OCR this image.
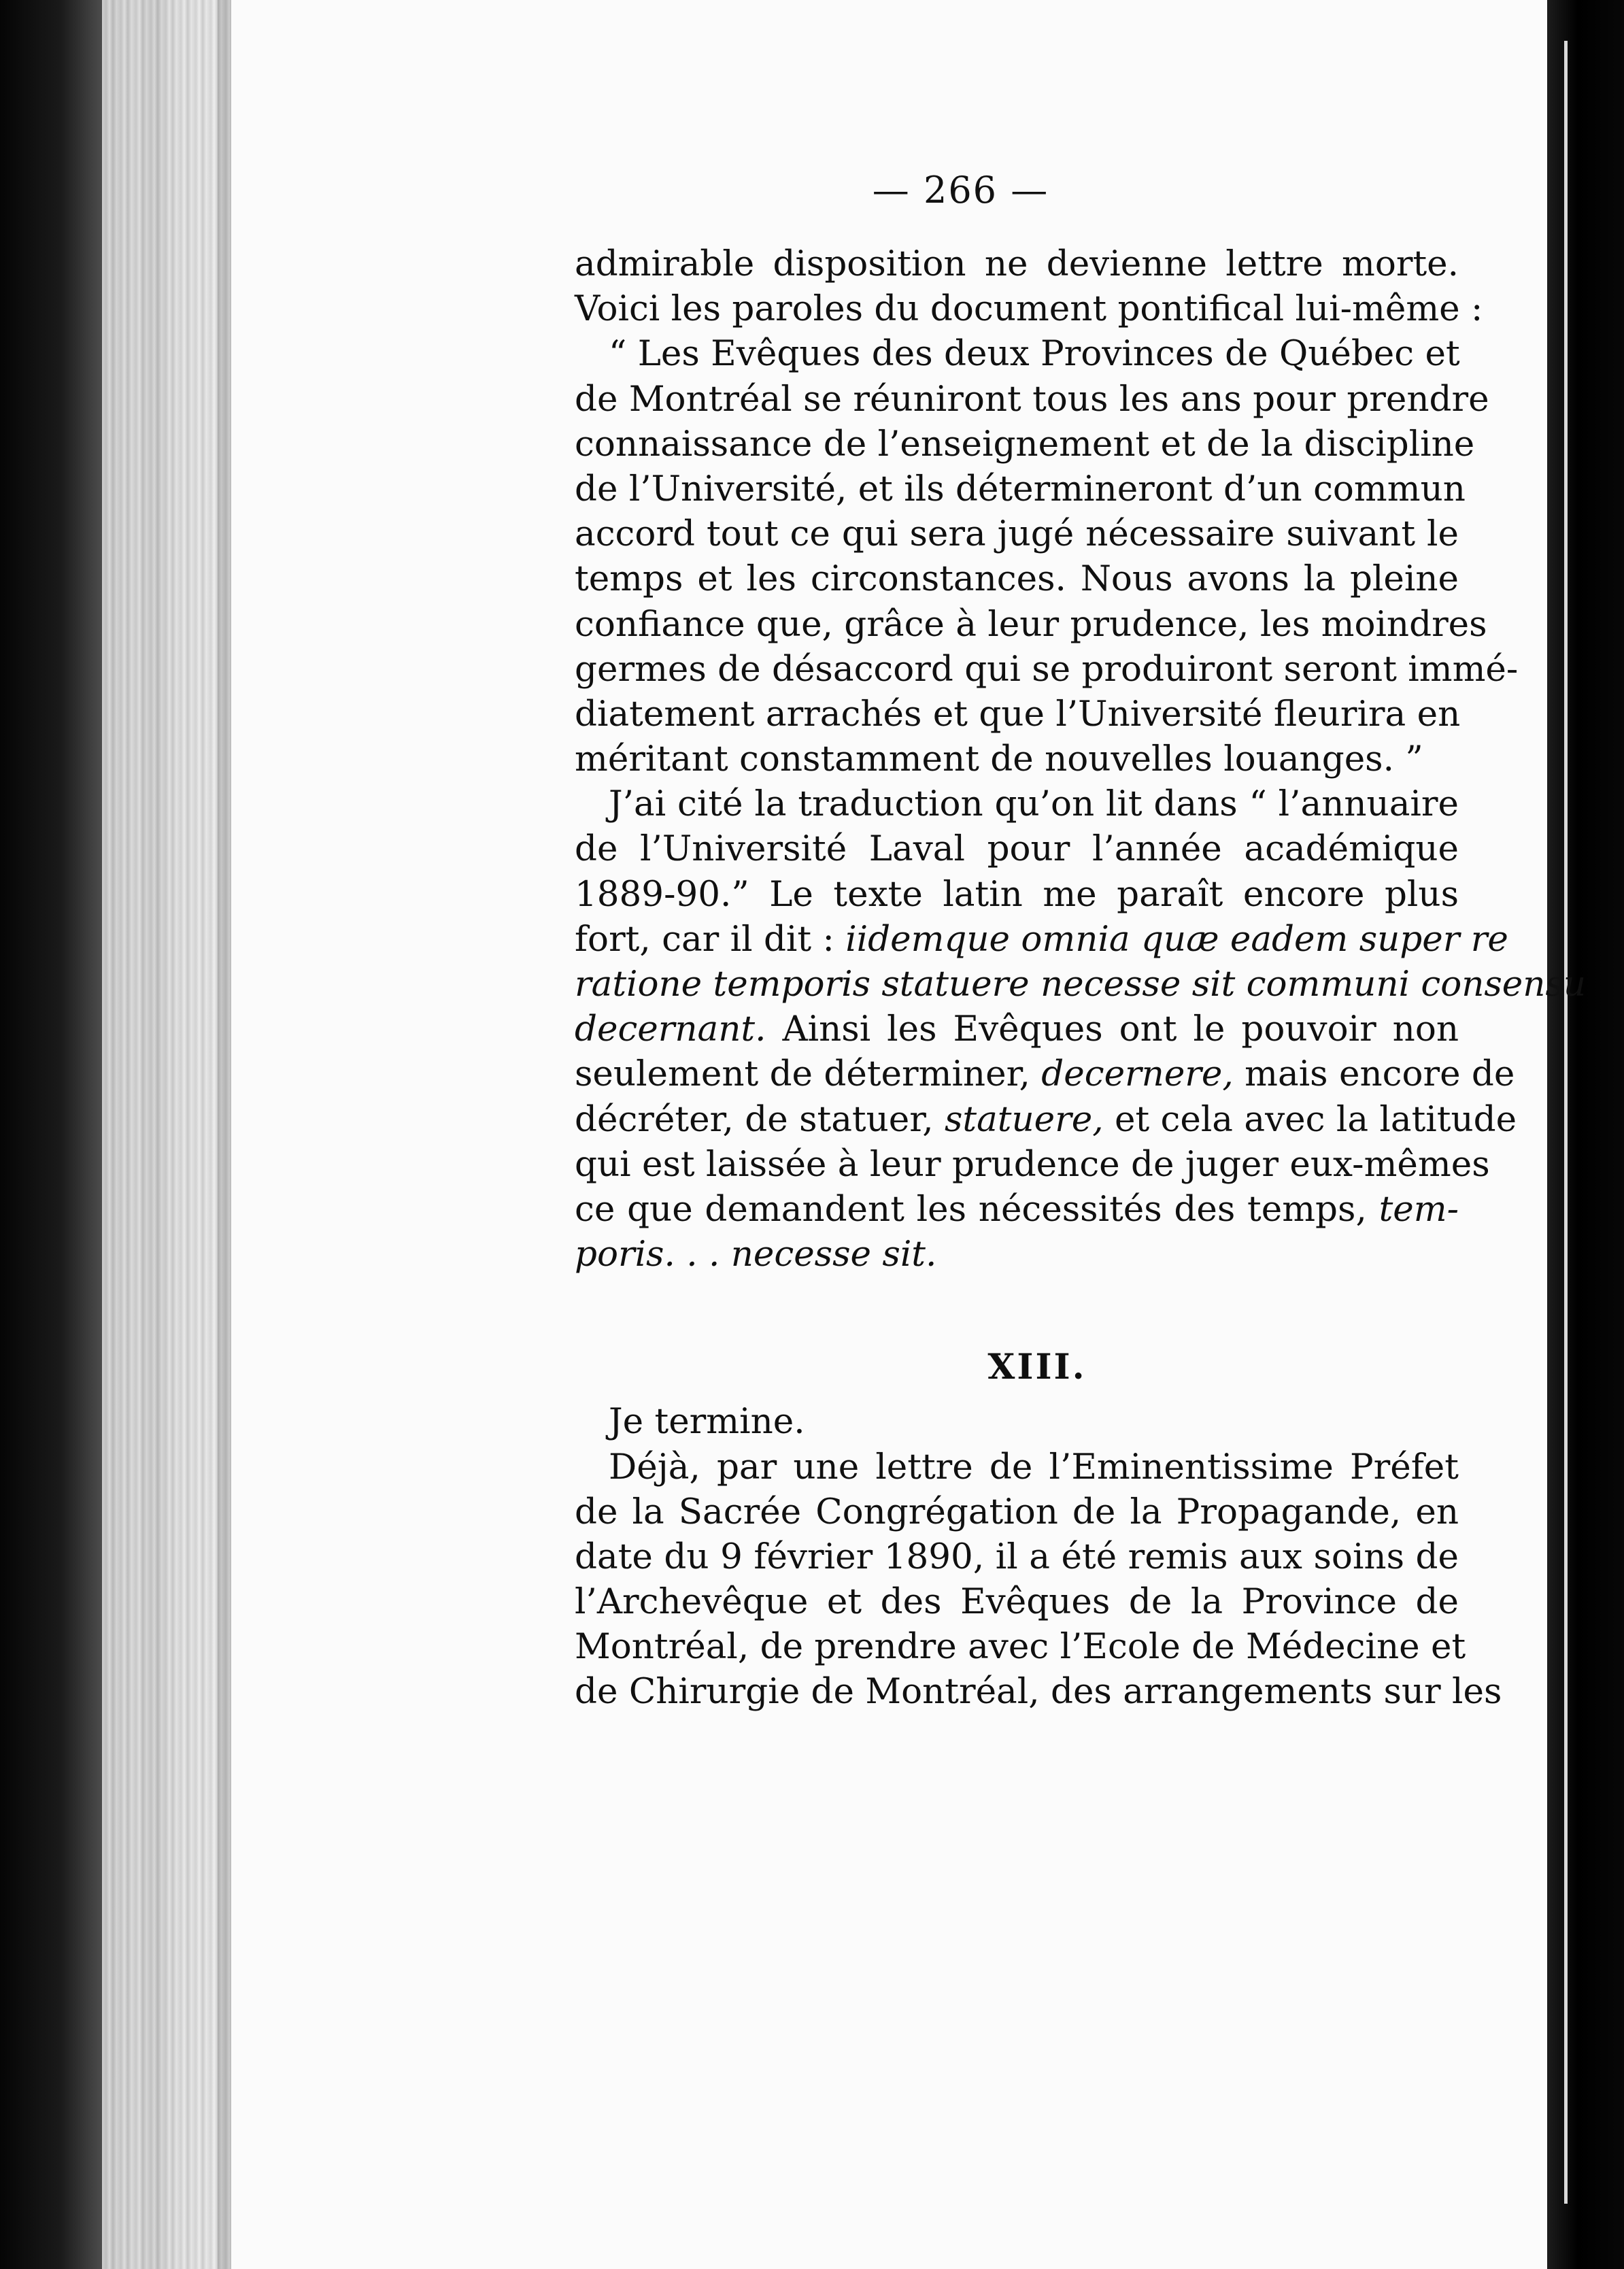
— 266 —
admirable disposition ne devienne lettre morte.
Voici les paroles du document pontifical lui-même :
“ Les Evêques des deux Provinces de Québec et
de Montréal se réuniront tous les ans pour prendre
connaissance de l’enseignement et de la discipline
de l’Université, et ils détermineront d’un commun
accord tout ce qui sera jugé nécessaire suivant le
temps et les circonstances. Nous avons la pleine
confiance que, grâce à leur prudence, les moindres
germes de désaccord qui se produiront seront immé-
diatement arrachés et que l’Université fleurira en
méritant constamment de nouvelles louanges. ”
J’ai cité la traduction qu’on lit dans “ l’annuaire
de l’Université Laval pour l’année académique
1889-90.” Le texte latin me paraît encore plus
fort, car il dit : iidemque omnia quæ eadem super re
ratione temporis statuere necesse sit communi consensu
decernant. Ainsi les Evêques ont le pouvoir non
seulement de déterminer, decernere, mais encore de
décréter, de statuer, statuere, et cela avec la latitude
qui est laissée à leur prudence de juger eux-mêmes
ce que demandent les nécessités des temps, tem-
poris. . . necesse sit.
XIII.
Je termine.
Déjà, par une lettre de l’Eminentissime Préfet
de la Sacrée Congrégation de la Propagande, en
date du 9 février 1890, il a été remis aux soins de
l’Archevêque et des Evêques de la Province de
Montréal, de prendre avec l’Ecole de Médecine et
de Chirurgie de Montréal, des arrangements sur les
